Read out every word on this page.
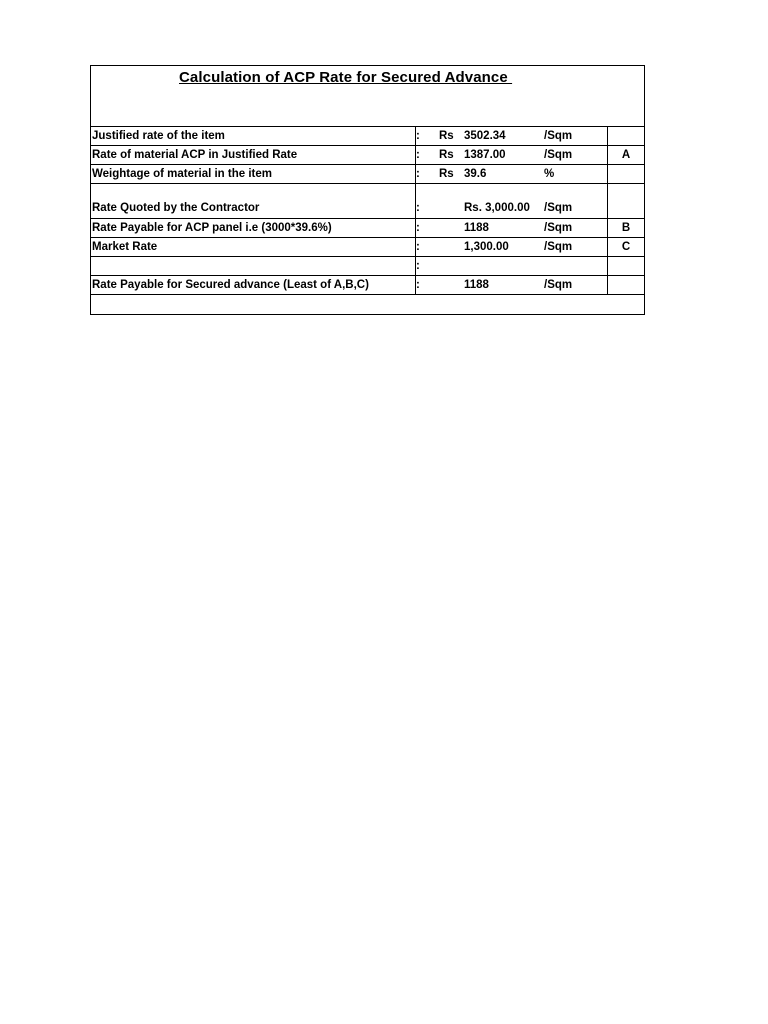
Calculation of ACP Rate for Secured Advance
Justified rate of the item	:	Rs 3502.34	/Sqm
Rate of material ACP in Justified Rate	:	Rs 1387.00	/Sqm	A
Weightage of material in the item	:	Rs 39.6	%
Rate Quoted by the Contractor	:	Rs. 3,000.00	/Sqm
Rate Payable for ACP panel i.e (3000*39.6%)	:	1188	/Sqm	B
Market Rate	:	1,300.00	/Sqm	C
:
Rate Payable for Secured advance (Least of A,B,C)	:	1188	/Sqm
